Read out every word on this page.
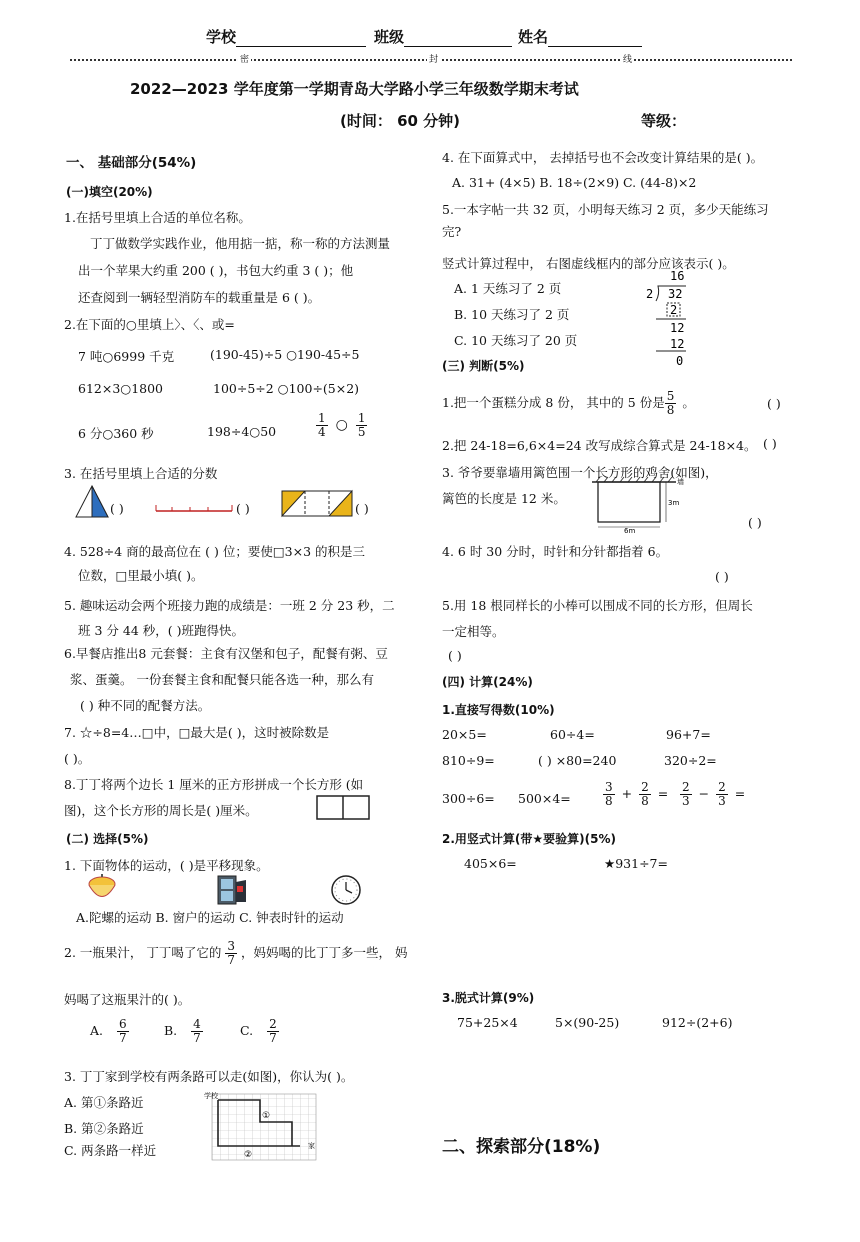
学校	班级	姓名
密	封	线
2022—2023 学年度第一学期青岛大学路小学三年级数学期末考试
(时间： 60 分钟)	等级：
一、 基础部分(54%)
(一)填空(20%)
1.在括号里填上合适的单位名称。
丁丁做数学实践作业，他用掂一掂，称一称的方法测量
出一个苹果大约重 200 ( )，书包大约重 3 ( )；他
还查阅到一辆轻型消防车的载重量是 6 ( )。
2.在下面的○里填上〉、〈、或=
7 吨○6999 千克	(190-45)÷5 ○190-45÷5
612×3○1800	100÷5÷2 ○100÷(5×2)
6 分○360 秒	198÷4○50	$\frac{1}{4}$ ○ $\frac{1}{5}$
3. 在括号里填上合适的分数
( )	( )	( )
4. 528÷4 商的最高位在 ( ) 位；要使□3×3 的积是三
位数，□里最小填( )。
5. 趣味运动会两个班接力跑的成绩是：一班 2 分 23 秒，二
班 3 分 44 秒，( )班跑得快。
6.早餐店推出8 元套餐：主食有汉堡和包子，配餐有粥、豆
浆、蛋羹。 一份套餐主食和配餐只能各选一种，那么有
( ) 种不同的配餐方法。
7. ☆÷8=4…□中，□最大是( )，这时被除数是
( )。
8.丁丁将两个边长 1 厘米的正方形拼成一个长方形 (如
图)，这个长方形的周长是( )厘米。
(二) 选择(5%)
1. 下面物体的运动，( )是平移现象。
A.陀螺的运动 B. 窗户的运动 C. 钟表时针的运动
2. 一瓶果汁， 丁丁喝了它的 $\frac{3}{7}$ ，妈妈喝的比丁丁多一些， 妈
妈喝了这瓶果汁的( )。
A. $\frac{6}{7}$	B. $\frac{4}{7}$	C. $\frac{2}{7}$
3. 丁丁家到学校有两条路可以走(如图)，你认为( )。
A. 第①条路近
B. 第②条路近
C. 两条路一样近
学校
家
①
②
4. 在下面算式中， 去掉括号也不会改变计算结果的是( )。
A. 31+ (4×5) B. 18÷(2×9) C. (44-8)×2
5.一本字帖一共 32 页，小明每天练习 2 页，多少天能练习
完?
竖式计算过程中， 右图虚线框内的部分应该表示( )。
A. 1 天练习了 2 页
B. 10 天练习了 2 页
C. 10 天练习了 20 页
16
2 32
2
12
12
0
(三) 判断(5%)
1.把一个蛋糕分成 8 份， 其中的 5 份是 $\frac{5}{8}$ 。	( )
2.把 24-18=6,6×4=24 改写成综合算式是 24-18×4。 ( )
3. 爷爷要靠墙用篱笆围一个长方形的鸡舍(如图)，
篱笆的长度是 12 米。
墙
3m
6m
( )
4. 6 时 30 分时，时针和分针都指着 6。
( )
5.用 18 根同样长的小棒可以围成不同的长方形，但周长
一定相等。
( )
(四) 计算(24%)
1.直接写得数(10%)
20×5=	60÷4=	96+7=
810÷9=	( ) ×80=240	320÷2=
300÷6= 500×4=	$\frac{3}{8} + \frac{2}{8} = \frac{2}{3} - \frac{2}{3}$ =
2.用竖式计算(带★要验算)(5%)
405×6=	★931÷7=
3.脱式计算(9%)
75+25×4	5×(90-25)	912÷(2+6)
二、探索部分(18%)
